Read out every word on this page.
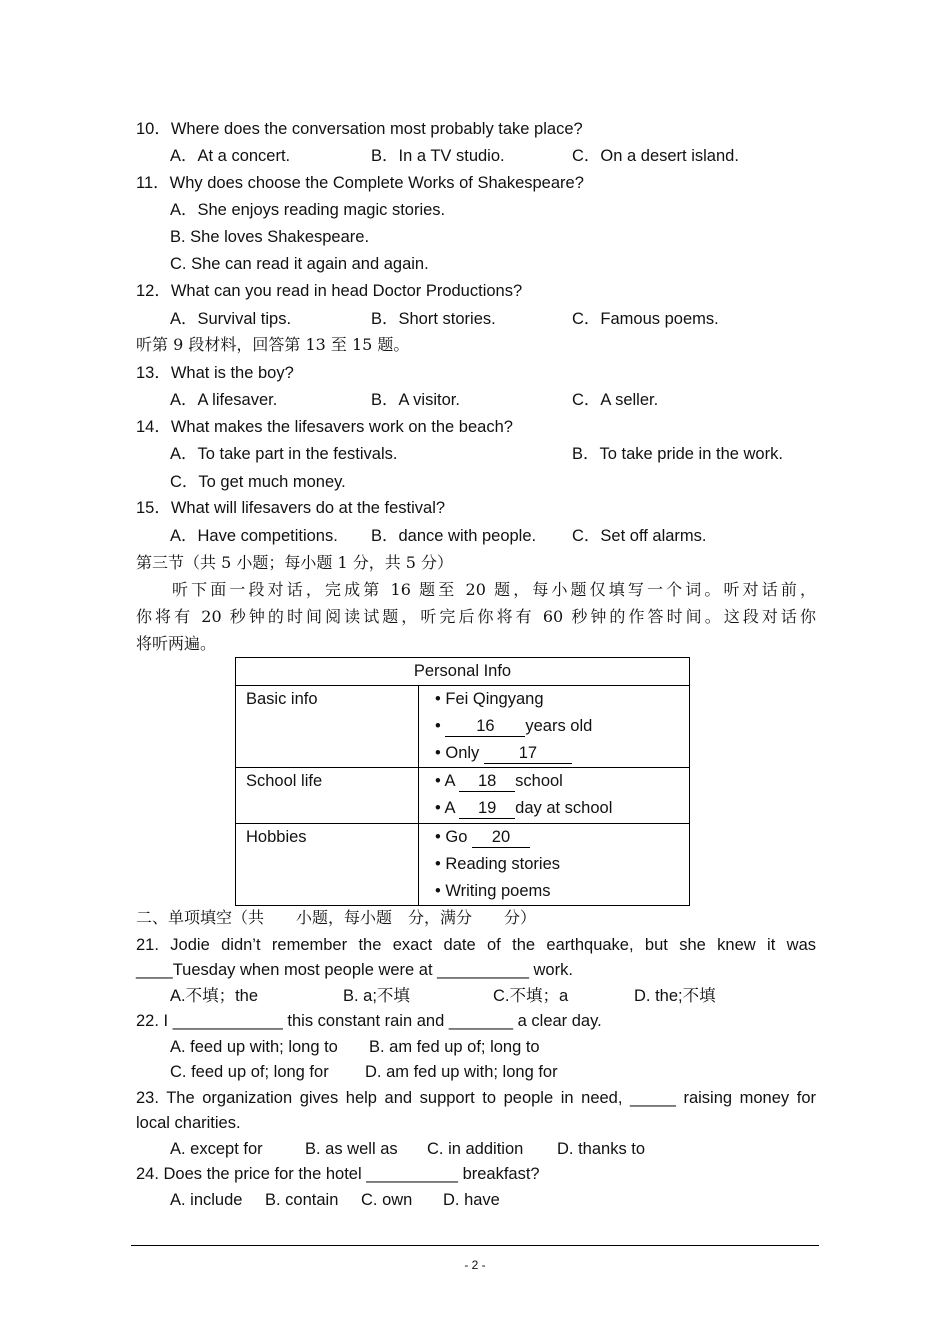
10．Where does the conversation most probably take place?
A．At a concert.	B．In a TV studio.	C．On a desert island.
11．Why does choose the Complete Works of Shakespeare?
A．She enjoys reading magic stories.
B. She loves Shakespeare.
C. She can read it again and again.
12．What can you read in head Doctor Productions?
A．Survival tips.	B．Short stories.	C．Famous poems.
听第 9 段材料，回答第 13 至 15 题。
13．What is the boy?
A．A lifesaver.	B．A visitor.	C．A seller.
14．What makes the lifesavers work on the beach?
A．To take part in the festivals.	B．To take pride in the work.
C．To get much money.
15．What will lifesavers do at the festival?
A．Have competitions. B．dance with people. C．Set off alarms.
第三节（共 5 小题；每小题 1 分，共 5 分）
听下面一段对话，完成第 16 题至 20 题，每小题仅填写一个词。听对话前，
你将有 20 秒钟的时间阅读试题，听完后你将有 60 秒钟的作答时间。这段对话你
将听两遍。
Personal Info	
Basic info	• Fei Qingyang
• 16 years old
• Only 17

School life	• A 18 school
• A 19 day at school

Hobbies	• Go 20
• Reading stories
• Writing poems
二、单项填空（共　　小题，每小题　分，满分　　分）
21. Jodie didn’t remember the exact date of the earthquake, but she knew it was
____Tuesday when most people were at __________ work.
A.不填；the	B. a;不填	C.不填；a	D. the;不填
22. I ____________ this constant rain and _______ a clear day.
A. feed up with; long to B. am fed up of; long to
C. feed up of; long for D. am fed up with; long for
23. The organization gives help and support to people in need, _____ raising money for
local charities.
A. except for	B. as well as C. in addition D. thanks to
24. Does the price for the hotel __________ breakfast?
A. include B. contain C. own D. have
- 2 -
